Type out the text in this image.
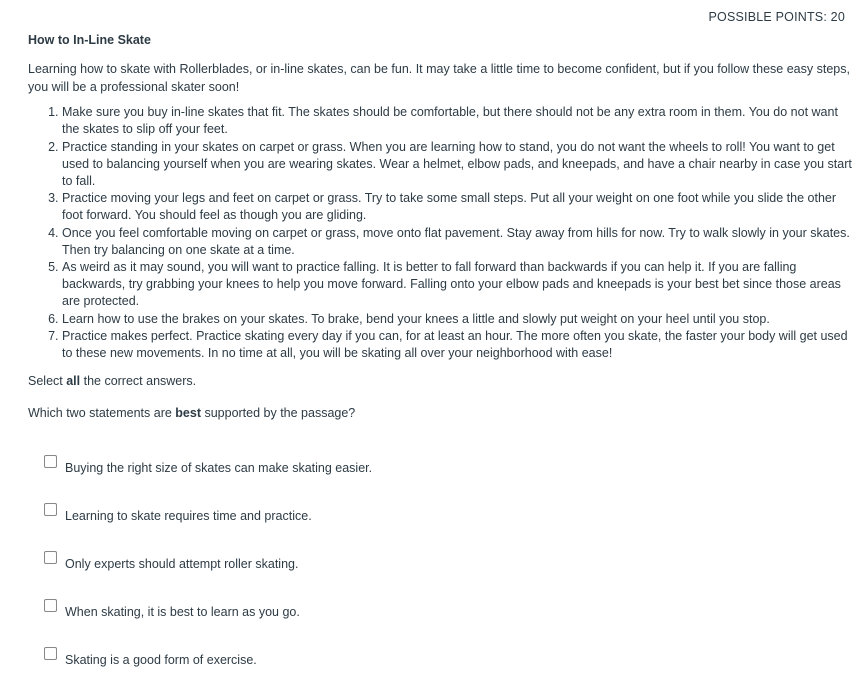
POSSIBLE POINTS: 20
How to In-Line Skate

Learning how to skate with Rollerblades, or in-line skates, can be fun. It may take a little time to become confident, but if you follow these easy steps, you will be a professional skater soon!

1. Make sure you buy in-line skates that fit. The skates should be comfortable, but there should not be any extra room in them. You do not want the skates to slip off your feet.
2. Practice standing in your skates on carpet or grass. When you are learning how to stand, you do not want the wheels to roll! You want to get used to balancing yourself when you are wearing skates. Wear a helmet, elbow pads, and kneepads, and have a chair nearby in case you start to fall.
3. Practice moving your legs and feet on carpet or grass. Try to take some small steps. Put all your weight on one foot while you slide the other foot forward. You should feel as though you are gliding.
4. Once you feel comfortable moving on carpet or grass, move onto flat pavement. Stay away from hills for now. Try to walk slowly in your skates. Then try balancing on one skate at a time.
5. As weird as it may sound, you will want to practice falling. It is better to fall forward than backwards if you can help it. If you are falling backwards, try grabbing your knees to help you move forward. Falling onto your elbow pads and kneepads is your best bet since those areas are protected.
6. Learn how to use the brakes on your skates. To brake, bend your knees a little and slowly put weight on your heel until you stop.
7. Practice makes perfect. Practice skating every day if you can, for at least an hour. The more often you skate, the faster your body will get used to these new movements. In no time at all, you will be skating all over your neighborhood with ease!

Select all the correct answers.

Which two statements are best supported by the passage?

Buying the right size of skates can make skating easier.
Learning to skate requires time and practice.
Only experts should attempt roller skating.
When skating, it is best to learn as you go.
Skating is a good form of exercise.
